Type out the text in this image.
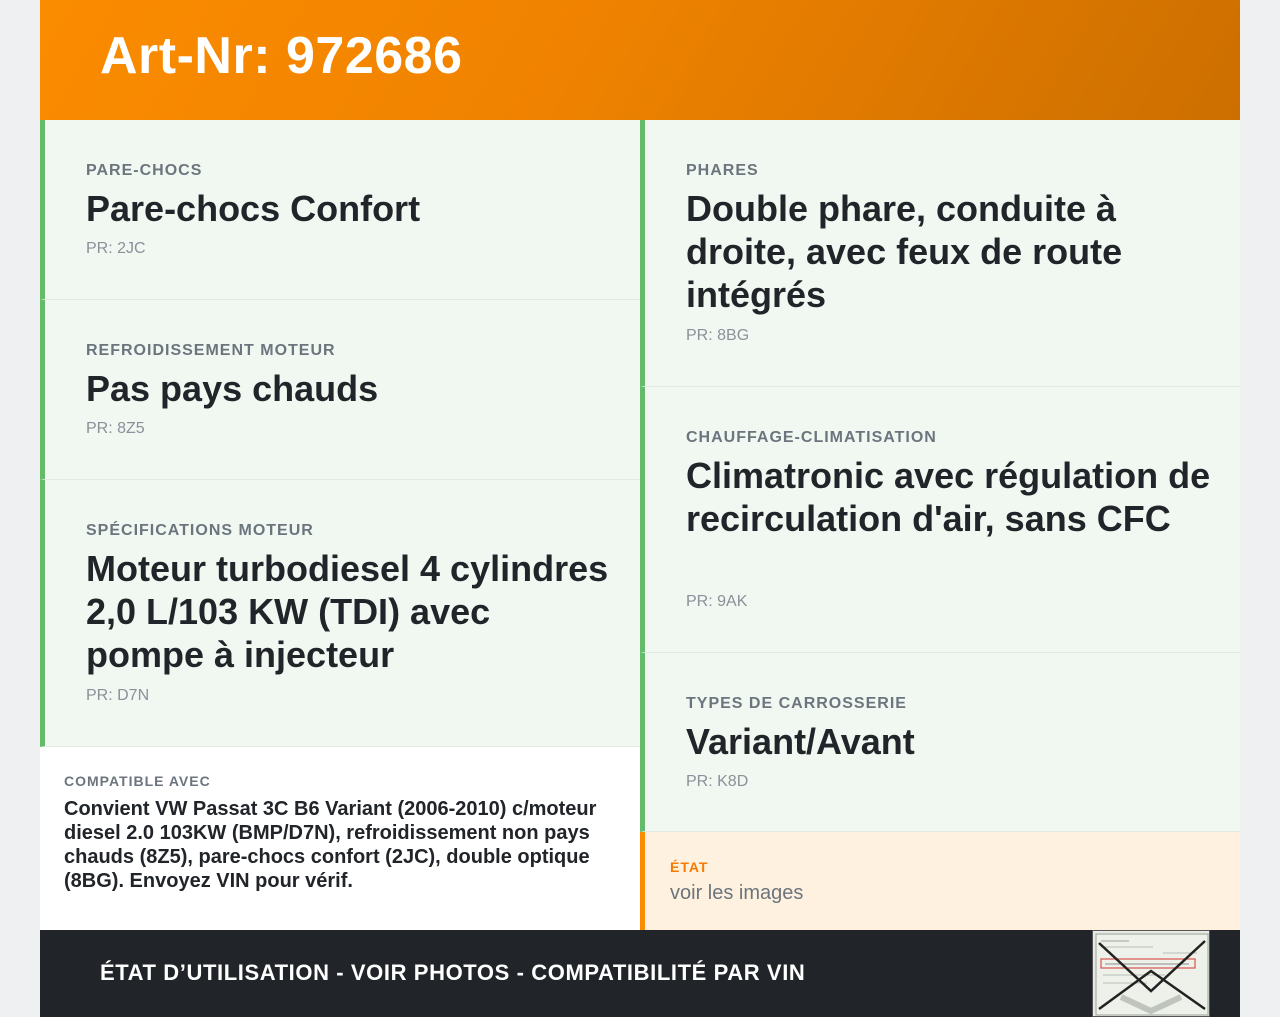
Art-Nr: 972686
PARE-CHOCS
Pare-chocs Confort
PR: 2JC
REFROIDISSEMENT MOTEUR
Pas pays chauds
PR: 8Z5
SPÉCIFICATIONS MOTEUR
Moteur turbodiesel 4 cylindres 2,0 L/103 KW (TDI) avec pompe à injecteur
PR: D7N
COMPATIBLE AVEC
Convient VW Passat 3C B6 Variant (2006-2010) c/moteur diesel 2.0 103KW (BMP/D7N), refroidissement non pays chauds (8Z5), pare-chocs confort (2JC), double optique (8BG). Envoyez VIN pour vérif.
PHARES
Double phare, conduite à droite, avec feux de route intégrés
PR: 8BG
CHAUFFAGE-CLIMATISATION
Climatronic avec régulation de recirculation d'air, sans CFC
PR: 9AK
TYPES DE CARROSSERIE
Variant/Avant
PR: K8D
ÉTAT
voir les images
ÉTAT D’UTILISATION - VOIR PHOTOS - COMPATIBILITÉ PAR VIN
